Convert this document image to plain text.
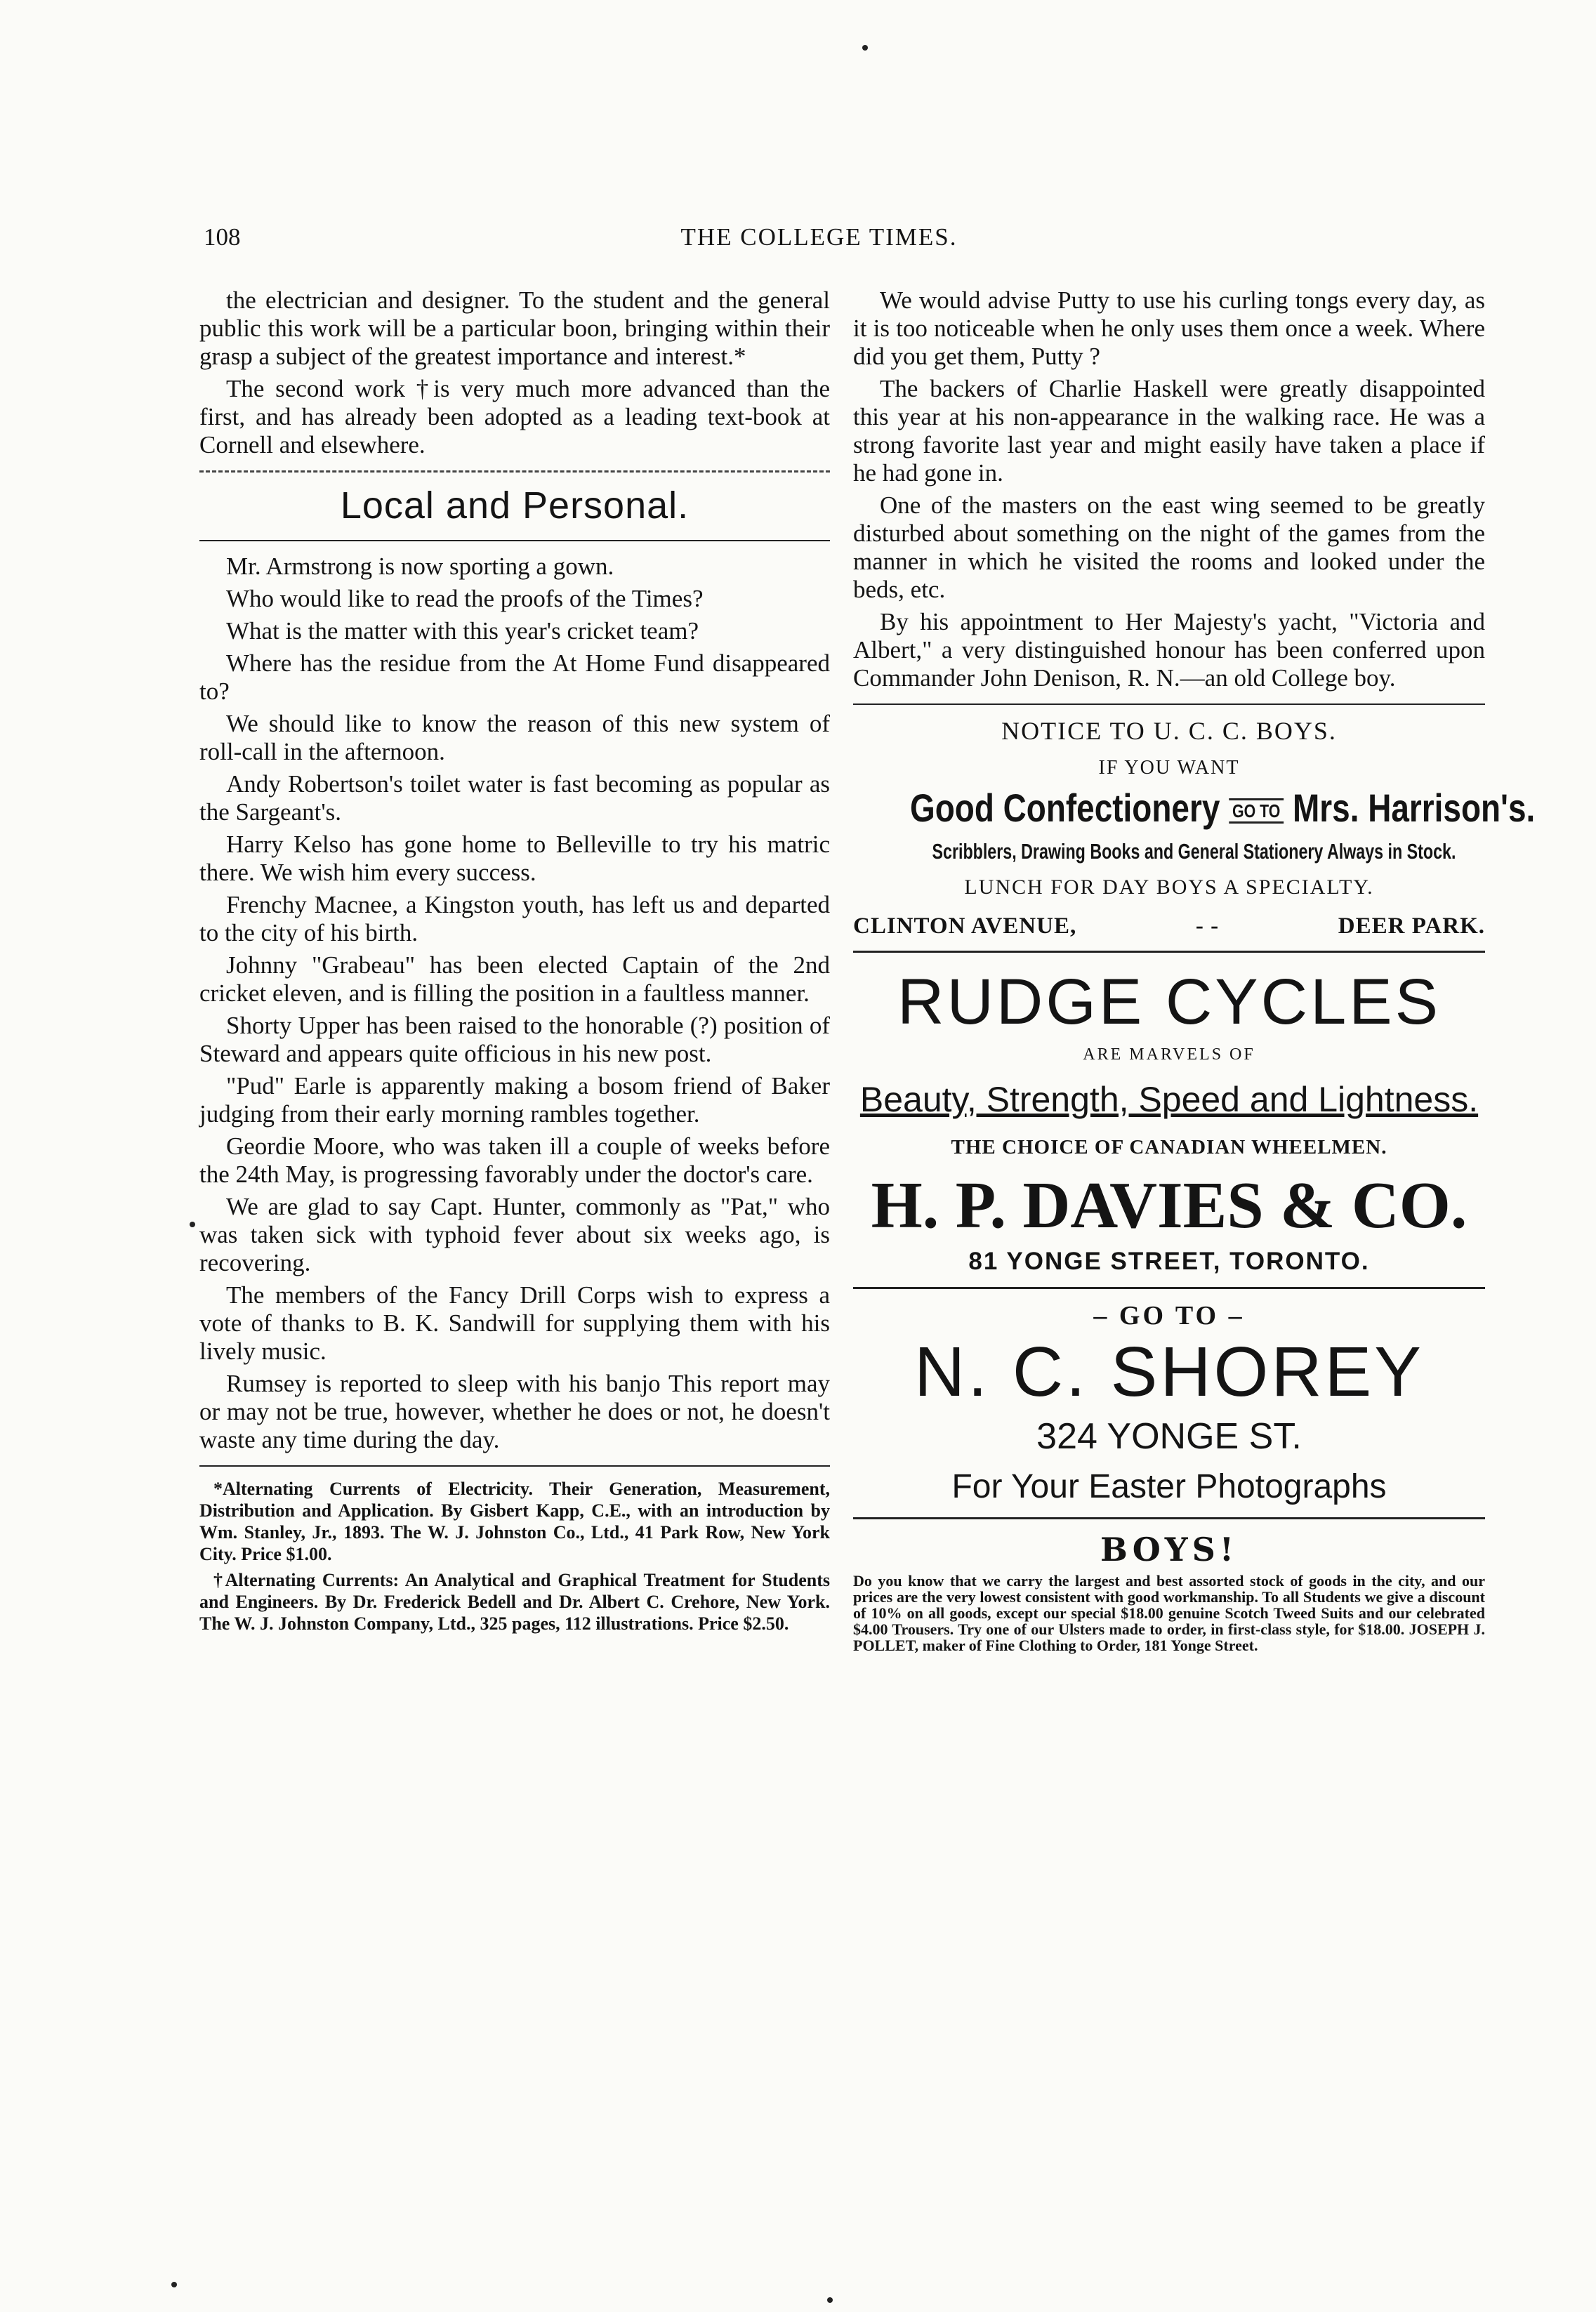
108	THE COLLEGE TIMES.

the electrician and designer. To the student and the general public this work will be a particular boon, bringing within their grasp a subject of the greatest importance and interest.*

The second work †is very much more advanced than the first, and has already been adopted as a leading text-book at Cornell and elsewhere.

Local and Personal.

Mr. Armstrong is now sporting a gown.

Who would like to read the proofs of the Times?

What is the matter with this year's cricket team?

Where has the residue from the At Home Fund disappeared to?

We should like to know the reason of this new system of roll-call in the afternoon.

Andy Robertson's toilet water is fast becoming as popular as the Sargeant's.

Harry Kelso has gone home to Belleville to try his matric there. We wish him every success.

Frenchy Macnee, a Kingston youth, has left us and departed to the city of his birth.

Johnny "Grabeau" has been elected Captain of the 2nd cricket eleven, and is filling the position in a faultless manner.

Shorty Upper has been raised to the honorable (?) position of Steward and appears quite officious in his new post.

"Pud" Earle is apparently making a bosom friend of Baker judging from their early morning rambles together.

Geordie Moore, who was taken ill a couple of weeks before the 24th May, is progressing favorably under the doctor's care.

We are glad to say Capt. Hunter, commonly as "Pat," who was taken sick with typhoid fever about six weeks ago, is recovering.

The members of the Fancy Drill Corps wish to express a vote of thanks to B. K. Sandwill for supplying them with his lively music.

Rumsey is reported to sleep with his banjo This report may or may not be true, however, whether he does or not, he doesn't waste any time during the day.

*Alternating Currents of Electricity. Their Generation, Measurement, Distribution and Application. By Gisbert Kapp, C.E., with an introduction by Wm. Stanley, Jr., 1893. The W. J. Johnston Co., Ltd., 41 Park Row, New York City. Price $1.00.

†Alternating Currents: An Analytical and Graphical Treatment for Students and Engineers. By Dr. Frederick Bedell and Dr. Albert C. Crehore, New York. The W. J. Johnston Company, Ltd., 325 pages, 112 illustrations. Price $2.50.

We would advise Putty to use his curling tongs every day, as it is too noticeable when he only uses them once a week. Where did you get them, Putty ?

The backers of Charlie Haskell were greatly disappointed this year at his non-appearance in the walking race. He was a strong favorite last year and might easily have taken a place if he had gone in.

One of the masters on the east wing seemed to be greatly disturbed about something on the night of the games from the manner in which he visited the rooms and looked under the beds, etc.

By his appointment to Her Majesty's yacht, "Victoria and Albert," a very distinguished honour has been conferred upon Commander John Denison, R. N.—an old College boy.

NOTICE TO U. C. C. BOYS.
IF YOU WANT
Good Confectionery GO TO Mrs. Harrison's.
Scribblers, Drawing Books and General Stationery Always in Stock.
LUNCH FOR DAY BOYS A SPECIALTY.
CLINTON AVENUE,	- -	DEER PARK.
RUDGE CYCLES
ARE MARVELS OF
Beauty, Strength, Speed and Lightness.
THE CHOICE OF CANADIAN WHEELMEN.
H. P. DAVIES & CO.
81 YONGE STREET, TORONTO.
– GO TO –
N. C. SHOREY
324 YONGE ST.
For Your Easter Photographs
BOYS!

Do you know that we carry the largest and best assorted stock of goods in the city, and our prices are the very lowest consistent with good workmanship. To all Students we give a discount of 10% on all goods, except our special $18.00 genuine Scotch Tweed Suits and our celebrated $4.00 Trousers. Try one of our Ulsters made to order, in first-class style, for $18.00. JOSEPH J. POLLET, maker of Fine Clothing to Order, 181 Yonge Street.
